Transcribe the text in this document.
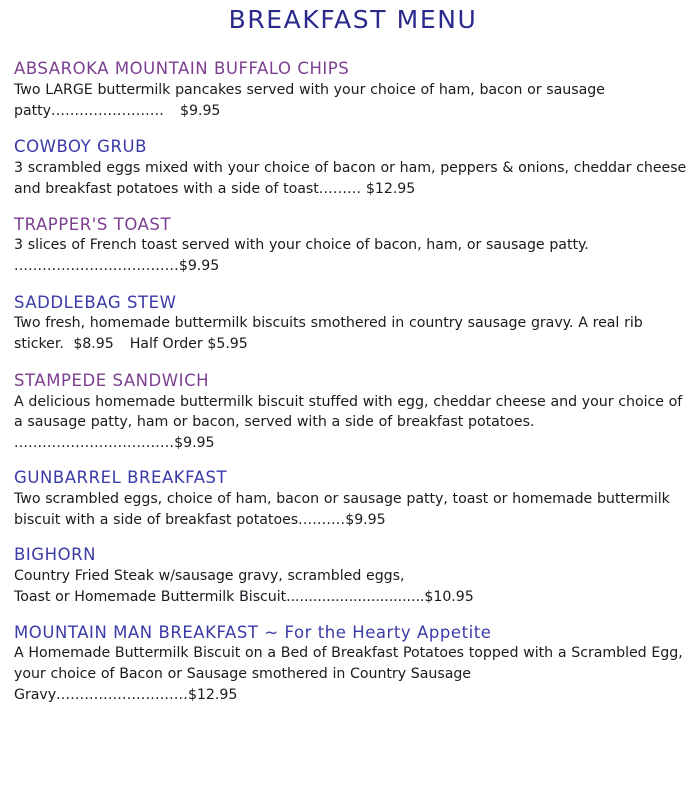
BREAKFAST MENU
ABSAROKA MOUNTAIN BUFFALO CHIPS
Two LARGE buttermilk pancakes served with your choice of ham, bacon or sausage patty........................ $9.95
COWBOY GRUB
3 scrambled eggs mixed with your choice of bacon or ham, peppers & onions, cheddar cheese and breakfast potatoes with a side of toast......... $12.95
TRAPPER'S TOAST
3 slices of French toast served with your choice of bacon, ham, or sausage patty.
...................................$9.95
SADDLEBAG STEW
Two fresh, homemade buttermilk biscuits smothered in country sausage gravy. A real rib sticker. $8.95 Half Order $5.95
STAMPEDE SANDWICH
A delicious homemade buttermilk biscuit stuffed with egg, cheddar cheese and your choice of a sausage patty, ham or bacon, served with a side of breakfast potatoes.
..................................$9.95
GUNBARREL BREAKFAST
Two scrambled eggs, choice of ham, bacon or sausage patty, toast or homemade buttermilk biscuit with a side of breakfast potatoes..........$9.95
BIGHORN
Country Fried Steak w/sausage gravy, scrambled eggs,
Toast or Homemade Buttermilk Biscuit...............................$10.95
MOUNTAIN MAN BREAKFAST ~ For the Hearty Appetite
A Homemade Buttermilk Biscuit on a Bed of Breakfast Potatoes topped with a Scrambled Egg, your choice of Bacon or Sausage smothered in Country Sausage Gravy............................$12.95
